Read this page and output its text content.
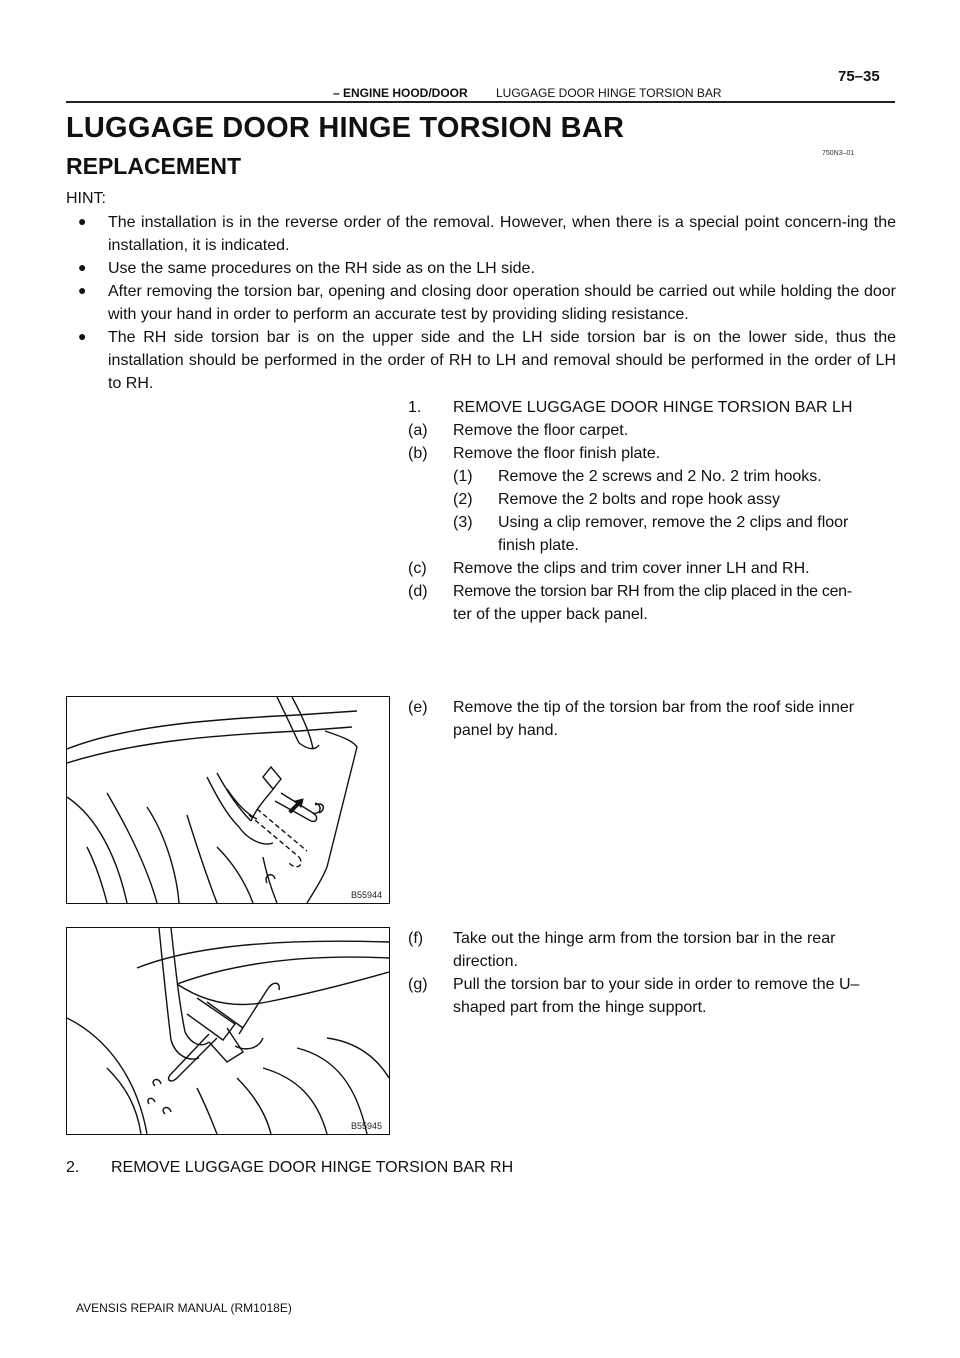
– ENGINE HOOD/DOOR LUGGAGE DOOR HINGE TORSION BAR
75–35
LUGGAGE DOOR HINGE TORSION BAR
REPLACEMENT	750N3–01
HINT:
● The installation is in the reverse order of the removal. However, when there is a special point concern-ing the installation, it is indicated.
● Use the same procedures on the RH side as on the LH side.
● After removing the torsion bar, opening and closing door operation should be carried out while holding the door with your hand in order to perform an accurate test by providing sliding resistance.
● The RH side torsion bar is on the upper side and the LH side torsion bar is on the lower side, thus the installation should be performed in the order of RH to LH and removal should be performed in the order of LH to RH.
1. REMOVE LUGGAGE DOOR HINGE TORSION BAR LH
(a) Remove the floor carpet.
(b) Remove the floor finish plate.
(1) Remove the 2 screws and 2 No. 2 trim hooks.
(2) Remove the 2 bolts and rope hook assy
(3) Using a clip remover, remove the 2 clips and floor
finish plate.
(c) Remove the clips and trim cover inner LH and RH.
(d) Remove the torsion bar RH from the clip placed in the cen-
ter of the upper back panel.
B55944
(e) Remove the tip of the torsion bar from the roof side inner
panel by hand.
B55945
(f) Take out the hinge arm from the torsion bar in the rear
direction.
(g) Pull the torsion bar to your side in order to remove the U–
shaped part from the hinge support.
2. REMOVE LUGGAGE DOOR HINGE TORSION BAR RH
AVENSIS REPAIR MANUAL (RM1018E)
